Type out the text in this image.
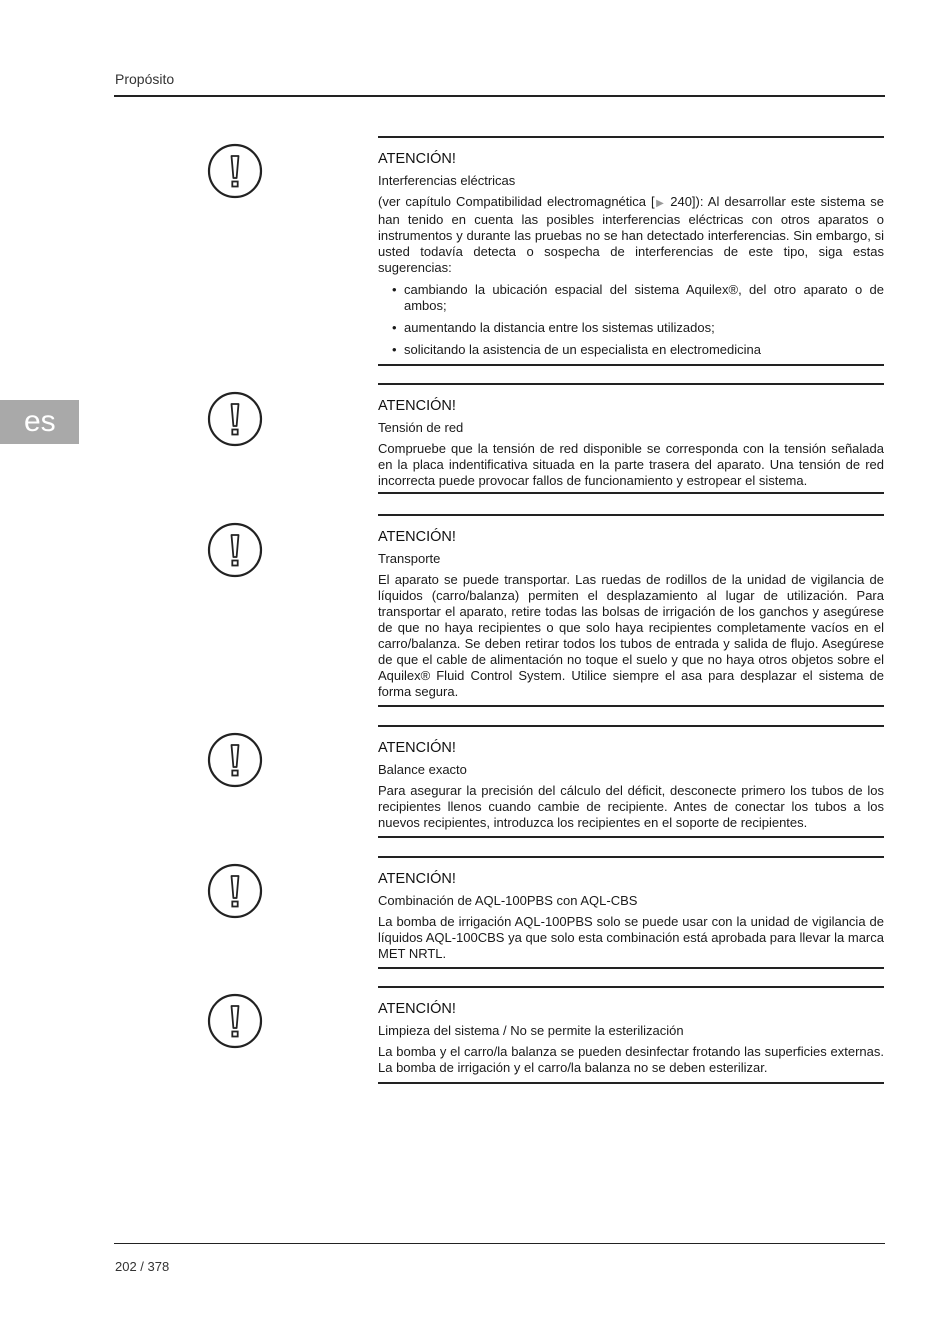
Propósito
es
ATENCIÓN!
Interferencias eléctricas
(ver capítulo Compatibilidad electromagnética [▶ 240]): Al desarrollar este sistema se han tenido en cuenta las posibles interferencias eléctricas con otros aparatos o instrumentos y durante las pruebas no se han detectado interferencias. Sin embargo, si usted todavía detecta o sospecha de interferencias de este tipo, siga estas sugerencias:
• cambiando la ubicación espacial del sistema Aquilex®, del otro aparato o de ambos;
• aumentando la distancia entre los sistemas utilizados;
• solicitando la asistencia de un especialista en electromedicina
ATENCIÓN!
Tensión de red
Compruebe que la tensión de red disponible se corresponda con la tensión señalada en la placa indentificativa situada en la parte trasera del aparato. Una tensión de red incorrecta puede provocar fallos de funcionamiento y estropear el sistema.
ATENCIÓN!
Transporte
El aparato se puede transportar. Las ruedas de rodillos de la unidad de vigilancia de líquidos (carro/balanza) permiten el desplazamiento al lugar de utilización. Para transportar el aparato, retire todas las bolsas de irrigación de los ganchos y asegúrese de que no haya recipientes o que solo haya recipientes completamente vacíos en el carro/balanza. Se deben retirar todos los tubos de entrada y salida de flujo. Asegúrese de que el cable de alimentación no toque el suelo y que no haya otros objetos sobre el Aquilex® Fluid Control System. Utilice siempre el asa para desplazar el sistema de forma segura.
ATENCIÓN!
Balance exacto
Para asegurar la precisión del cálculo del déficit, desconecte primero los tubos de los recipientes llenos cuando cambie de recipiente. Antes de conectar los tubos a los nuevos recipientes, introduzca los recipientes en el soporte de recipientes.
ATENCIÓN!
Combinación de AQL-100PBS con AQL-CBS
La bomba de irrigación AQL-100PBS solo se puede usar con la unidad de vigilancia de líquidos AQL-100CBS ya que solo esta combinación está aprobada para llevar la marca MET NRTL.
ATENCIÓN!
Limpieza del sistema / No se permite la esterilización
La bomba y el carro/la balanza se pueden desinfectar frotando las superficies externas. La bomba de irrigación y el carro/la balanza no se deben esterilizar.
202 / 378
